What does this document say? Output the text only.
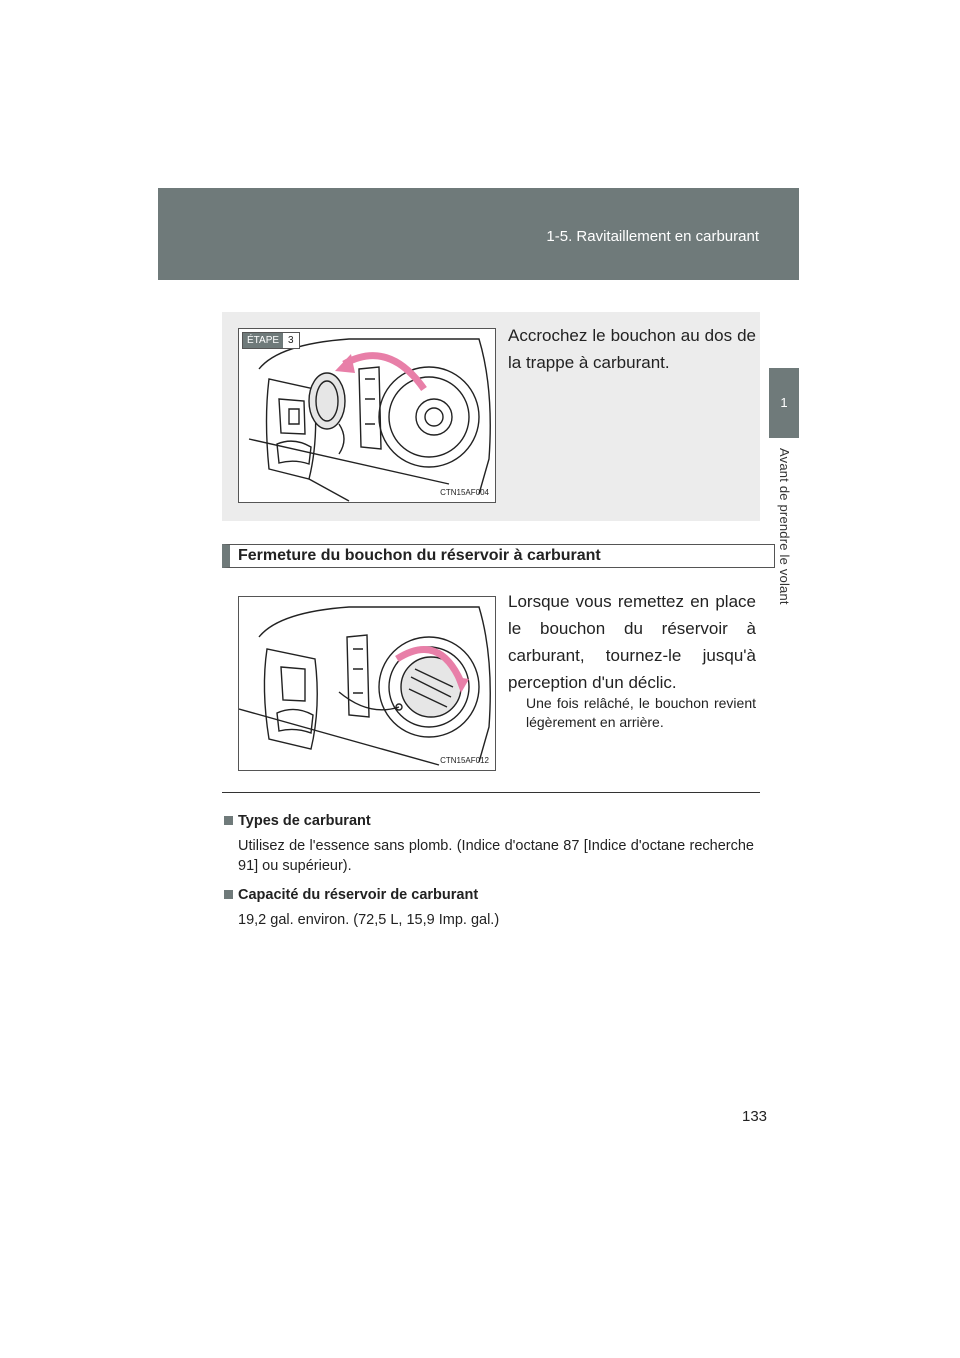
1-5. Ravitaillement en carburant
1
Avant de prendre le volant
ÉTAPE 3
CTN15AF004
Accrochez le bouchon au dos de la trappe à carburant.
Fermeture du bouchon du réservoir à carburant
CTN15AF012
Lorsque vous remettez en place le bouchon du réservoir à carburant, tournez-le jusqu'à perception d'un déclic.
Une fois relâché, le bouchon revient légèrement en arrière.
Types de carburant
Utilisez de l'essence sans plomb. (Indice d'octane 87 [Indice d'octane recherche 91] ou supérieur).
Capacité du réservoir de carburant
19,2 gal. environ. (72,5 L, 15,9 Imp. gal.)
133
